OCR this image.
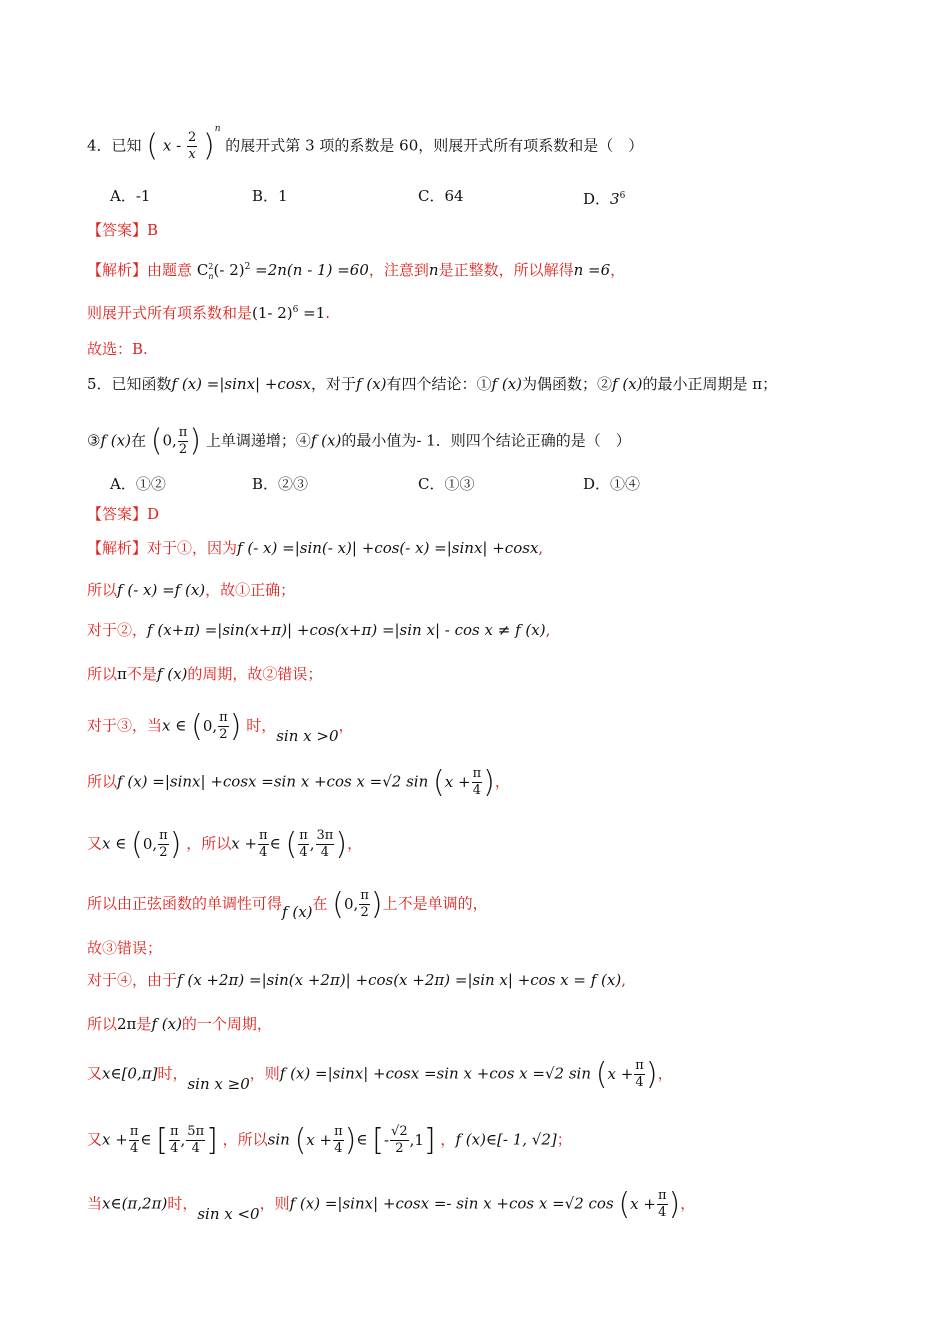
4．已知 ( x - $\frac{2}{x} )^n$ 的展开式第 3 项的系数是 60，则展开式所有项系数和是（　）
A．-1	B．1	C．64	D．$3^6$
【答案】B
【解析】由题意 $C^2_n(-$ 2)$^2$ =2n(n - 1) =60，注意到n是正整数，所以解得n =6，
则展开式所有项系数和是(1- 2)$^6$ =1.
故选：B.
5．已知函数f (x) =|sinx| +cosx，对于f (x)有四个结论：①f (x)为偶函数；②f (x)的最小正周期是 π；
③f (x)在 (0, $\frac{\pi}{2}$ ) 上单调递增；④f (x)的最小值为- 1．则四个结论正确的是（　）
A．①②	B．②③	C．①③	D．①④
【答案】D
【解析】对于①，因为f (- x) =|sin(- x)| +cos(- x) =|sinx| +cosx,
所以f (- x) =f (x)，故①正确；
对于②，f (x+π) =|sin(x+π)| +cos(x+π) =|sin x| - cos x ≠ f (x),
所以π不是f (x)的周期，故②错误；
对于③，当x ∈ (0, $\frac{\pi}{2}$ ) 时，sin x >0，
所以f (x) =|sinx| +cosx =sin x +cos x =√2 $\sin (x + \frac{\pi}{4}$ )，
又x ∈ (0, $\frac{\pi}{2}$ ) ，所以$x + \frac{\pi}{4}$ ∈ ( $\frac{\pi}{4}$ , $\frac{3\pi}{4}$ )，
所以由正弦函数的单调性可得f (x)在 (0, $\frac{\pi}{2}$ )上不是单调的，
故③错误；
对于④，由于f (x +2π) =|sin(x +2π)| +cos(x +2π) =|sin x| +cos x = f (x),
所以2π是f (x)的一个周期，
又x∈[0,π]时，sin x ≥0，则f (x) =|sinx| +cosx =sin x +cos x =√2 $\sin (x + \frac{\pi}{4}$ )，
又$x + \frac{\pi}{4}$ ∈ [ $\frac{\pi}{4}$ , $\frac{5\pi}{4}$ ] ，所以$\sin (x + \frac{\pi}{4}$ )∈ [- $\frac{√2}{2} ,1$] ，f (x)∈[- 1, √2]；
当x∈(π,2π)时，sin x <0，则f (x) =|sinx| +cosx =- sin x +cos x =√2 $\cos (x + \frac{\pi}{4}$ )，
